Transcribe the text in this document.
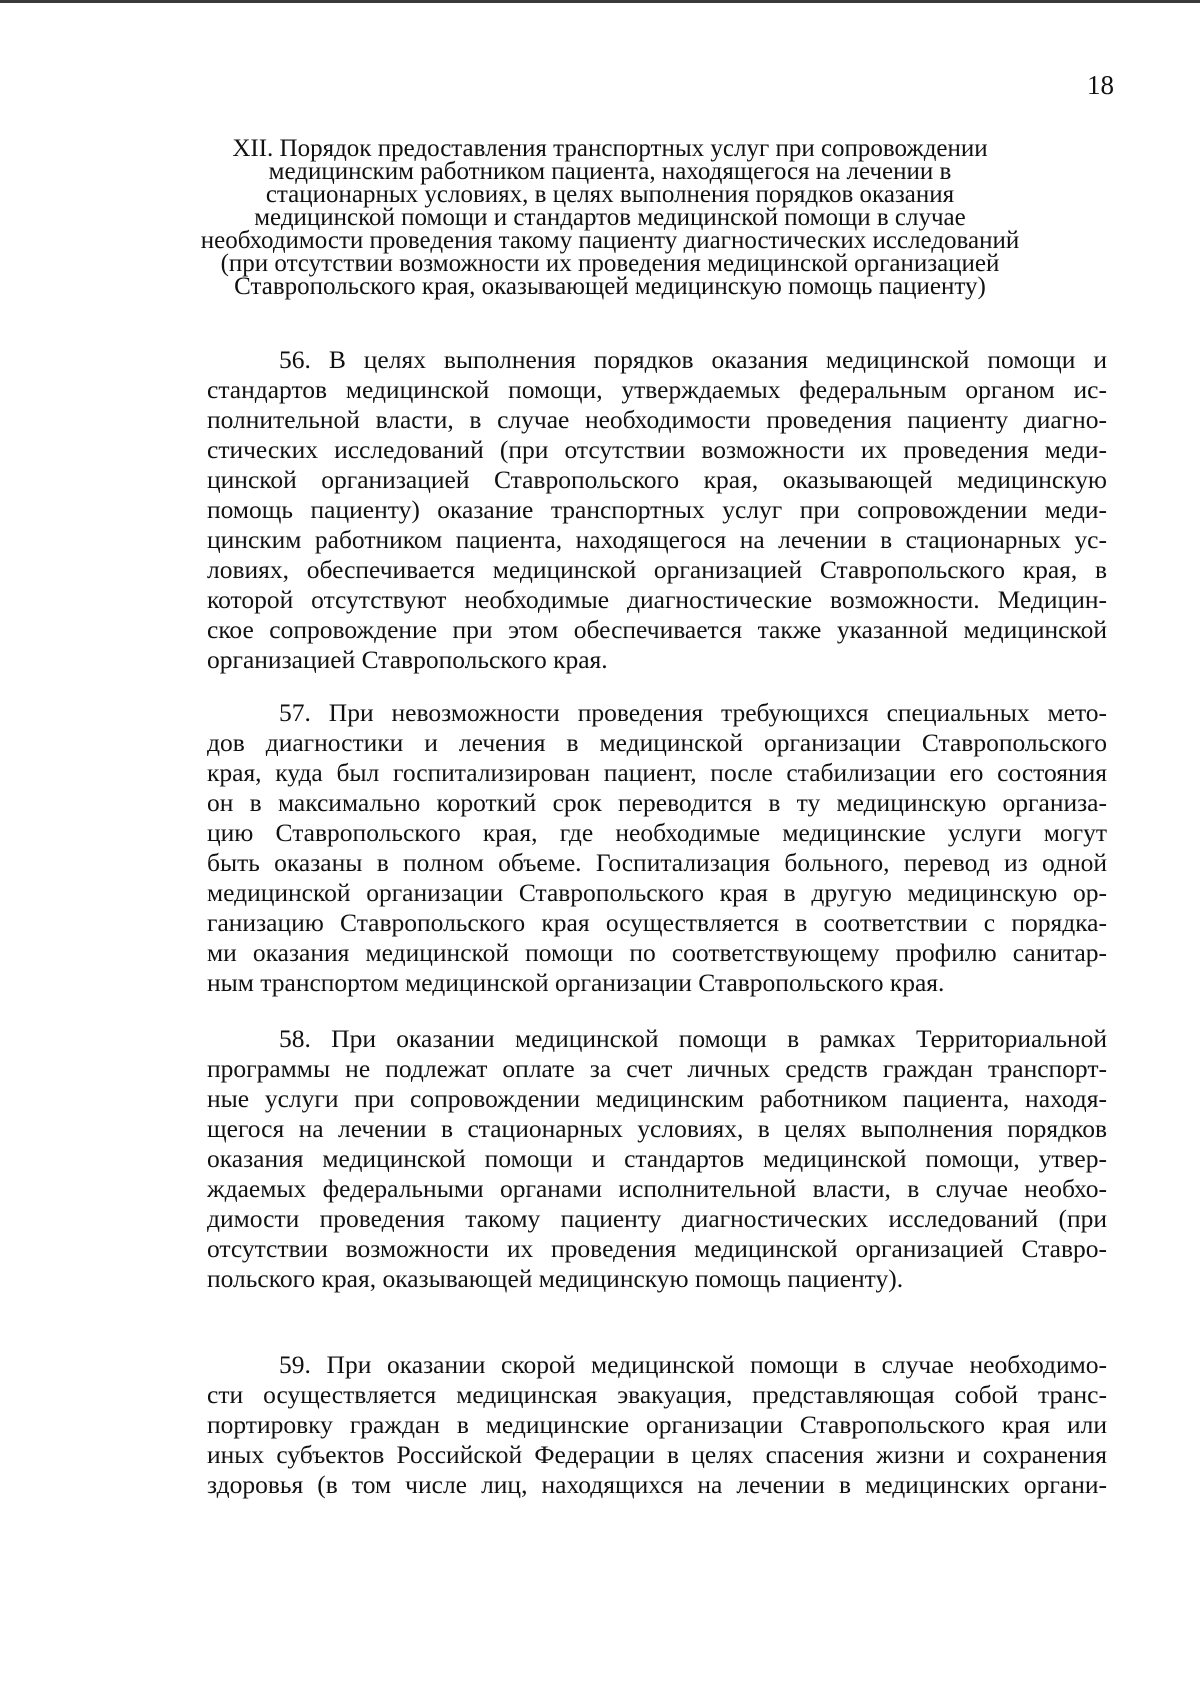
18
XII. Порядок предоставления транспортных услуг при сопровождении
медицинским работником пациента, находящегося на лечении в
стационарных условиях, в целях выполнения порядков оказания
медицинской помощи и стандартов медицинской помощи в случае
необходимости проведения такому пациенту диагностических исследований
(при отсутствии возможности их проведения медицинской организацией
Ставропольского края, оказывающей медицинскую помощь пациенту)
56. В целях выполнения порядков оказания медицинской помощи и
стандартов медицинской помощи, утверждаемых федеральным органом ис-
полнительной власти, в случае необходимости проведения пациенту диагно-
стических исследований (при отсутствии возможности их проведения меди-
цинской организацией Ставропольского края, оказывающей медицинскую
помощь пациенту) оказание транспортных услуг при сопровождении меди-
цинским работником пациента, находящегося на лечении в стационарных ус-
ловиях, обеспечивается медицинской организацией Ставропольского края, в
которой отсутствуют необходимые диагностические возможности. Медицин-
ское сопровождение при этом обеспечивается также указанной медицинской
организацией Ставропольского края.
57. При невозможности проведения требующихся специальных мето-
дов диагностики и лечения в медицинской организации Ставропольского
края, куда был госпитализирован пациент, после стабилизации его состояния
он в максимально короткий срок переводится в ту медицинскую организа-
цию Ставропольского края, где необходимые медицинские услуги могут
быть оказаны в полном объеме. Госпитализация больного, перевод из одной
медицинской организации Ставропольского края в другую медицинскую ор-
ганизацию Ставропольского края осуществляется в соответствии с порядка-
ми оказания медицинской помощи по соответствующему профилю санитар-
ным транспортом медицинской организации Ставропольского края.
58. При оказании медицинской помощи в рамках Территориальной
программы не подлежат оплате за счет личных средств граждан транспорт-
ные услуги при сопровождении медицинским работником пациента, находя-
щегося на лечении в стационарных условиях, в целях выполнения порядков
оказания медицинской помощи и стандартов медицинской помощи, утвер-
ждаемых федеральными органами исполнительной власти, в случае необхо-
димости проведения такому пациенту диагностических исследований (при
отсутствии возможности их проведения медицинской организацией Ставро-
польского края, оказывающей медицинскую помощь пациенту).
59. При оказании скорой медицинской помощи в случае необходимо-
сти осуществляется медицинская эвакуация, представляющая собой транс-
портировку граждан в медицинские организации Ставропольского края или
иных субъектов Российской Федерации в целях спасения жизни и сохранения
здоровья (в том числе лиц, находящихся на лечении в медицинских органи-
